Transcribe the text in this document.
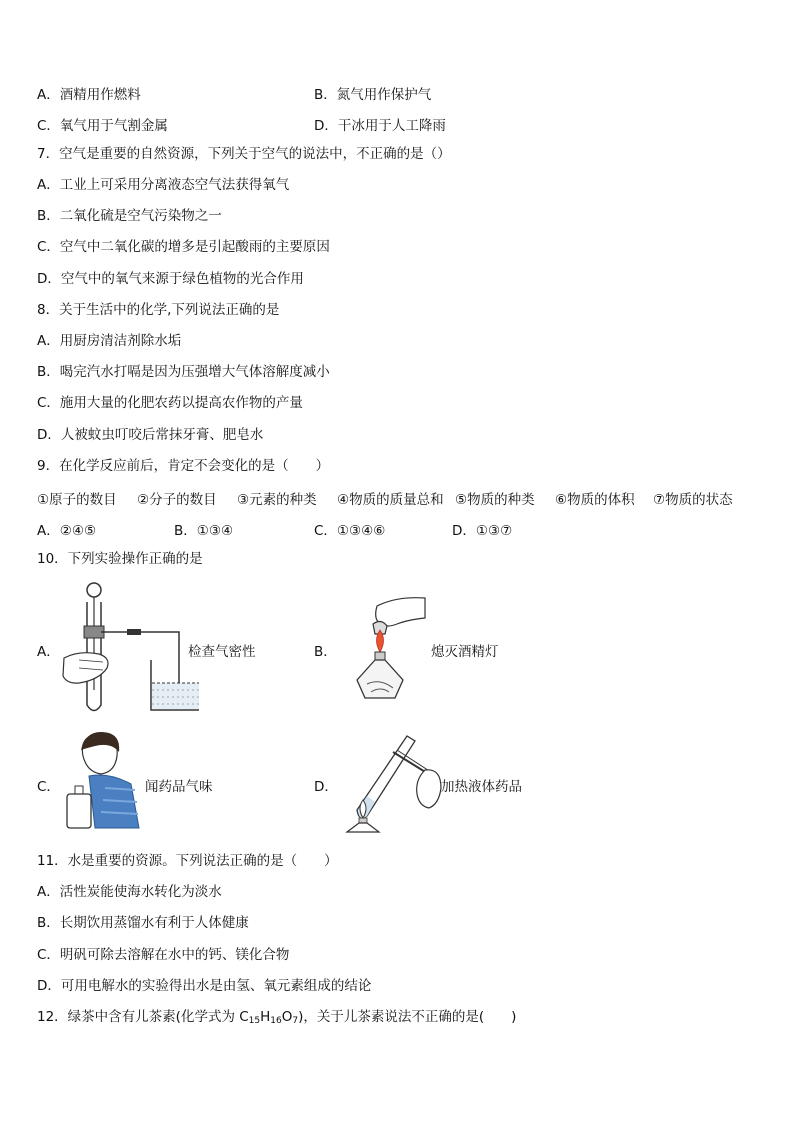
A．酒精用作燃料	B．氮气用作保护气
C．氧气用于气割金属	D．干冰用于人工降雨
7．空气是重要的自然资源，下列关于空气的说法中，不正确的是（）
A．工业上可采用分离液态空气法获得氧气
B．二氧化硫是空气污染物之一
C．空气中二氧化碳的增多是引起酸雨的主要原因
D．空气中的氧气来源于绿色植物的光合作用
8．关于生活中的化学,下列说法正确的是
A．用厨房清洁剂除水垢
B．喝完汽水打嗝是因为压强增大气体溶解度减小
C．施用大量的化肥农药以提高农作物的产量
D．人被蚊虫叮咬后常抹牙膏、肥皂水
9．在化学反应前后，肯定不会变化的是（　　）
①原子的数目 ②分子的数目 ③元素的种类 ④物质的质量总和 ⑤物质的种类 ⑥物质的体积 ⑦物质的状态
A．②④⑤	B．①③④	C．①③④⑥	D．①③⑦
10．下列实验操作正确的是
A．	检查气密性	B．	熄灭酒精灯
C．	闻药品气味	D．	加热液体药品
11．水是重要的资源。下列说法正确的是（　　）
A．活性炭能使海水转化为淡水
B．长期饮用蒸馏水有利于人体健康
C．明矾可除去溶解在水中的钙、镁化合物
D．可用电解水的实验得出水是由氢、氧元素组成的结论
12．绿茶中含有儿茶素(化学式为 $C_{15}H_{16}O_7$)，关于儿茶素说法不正确的是(　　)
